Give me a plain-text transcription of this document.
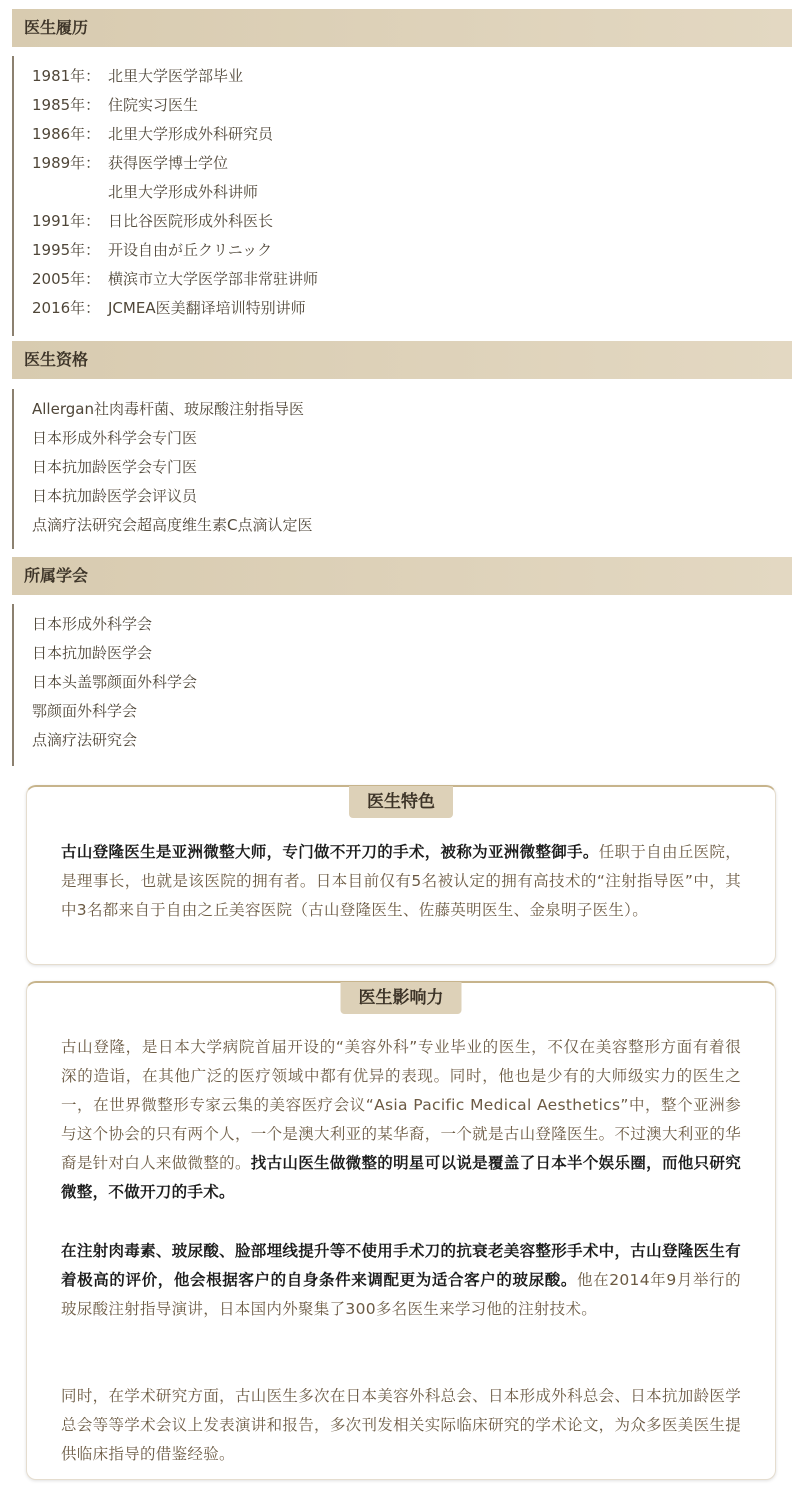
医生履历
1981年： 北里大学医学部毕业
1985年： 住院实习医生
1986年： 北里大学形成外科研究员
1989年： 获得医学博士学位
北里大学形成外科讲师
1991年： 日比谷医院形成外科医长
1995年： 开设自由が丘クリニック
2005年： 横滨市立大学医学部非常驻讲师
2016年： JCMEA医美翻译培训特别讲师
医生资格
Allergan社肉毒杆菌、玻尿酸注射指导医
日本形成外科学会专门医
日本抗加龄医学会专门医
日本抗加龄医学会评议员
点滴疗法研究会超高度维生素C点滴认定医
所属学会
日本形成外科学会
日本抗加龄医学会
日本头盖鄂颜面外科学会
鄂颜面外科学会
点滴疗法研究会
医生特色
古山登隆医生是亚洲微整大师，专门做不开刀的手术，被称为亚洲微整御手。任职于自由丘医院，是理事长，也就是该医院的拥有者。日本目前仅有5名被认定的拥有高技术的“注射指导医”中，其中3名都来自于自由之丘美容医院（古山登隆医生、佐藤英明医生、金泉明子医生）。
医生影响力
古山登隆，是日本大学病院首届开设的“美容外科”专业毕业的医生，不仅在美容整形方面有着很深的造诣，在其他广泛的医疗领域中都有优异的表现。同时，他也是少有的大师级实力的医生之一，在世界微整形专家云集的美容医疗会议“Asia Pacific Medical Aesthetics”中，整个亚洲参与这个协会的只有两个人，一个是澳大利亚的某华裔，一个就是古山登隆医生。不过澳大利亚的华裔是针对白人来做微整的。找古山医生做微整的明星可以说是覆盖了日本半个娱乐圈，而他只研究微整，不做开刀的手术。
在注射肉毒素、玻尿酸、脸部埋线提升等不使用手术刀的抗衰老美容整形手术中，古山登隆医生有着极高的评价，他会根据客户的自身条件来调配更为适合客户的玻尿酸。他在2014年9月举行的玻尿酸注射指导演讲，日本国内外聚集了300多名医生来学习他的注射技术。
同时，在学术研究方面，古山医生多次在日本美容外科总会、日本形成外科总会、日本抗加龄医学总会等等学术会议上发表演讲和报告，多次刊发相关实际临床研究的学术论文，为众多医美医生提供临床指导的借鉴经验。
